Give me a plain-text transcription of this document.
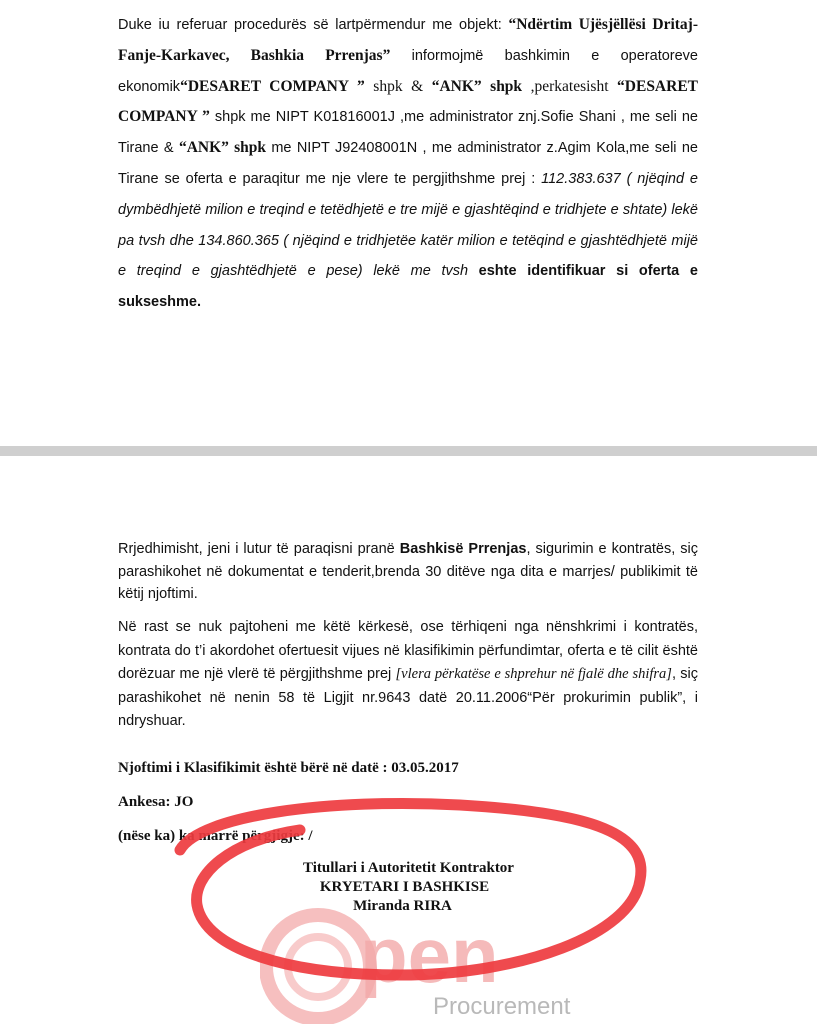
Duke iu referuar procedurës së lartpërmendur me objekt: “Ndërtim Ujësjëllësi Dritaj-Fanje-Karkavec, Bashkia Prrenjas” informojmë bashkimin e operatoreve ekonomik“DESARET COMPANY ” shpk & “ANK” shpk ,perkatesisht “DESARET COMPANY ” shpk me NIPT K01816001J ,me administrator znj.Sofie Shani , me seli ne Tirane & “ANK” shpk me NIPT J92408001N , me administrator z.Agim Kola,me seli ne Tirane se oferta e paraqitur me nje vlere te pergjithshme prej : 112.383.637 ( njëqind e dymbëdhjetë milion e treqind e tetëdhjetë e tre mijë e gjashtëqind e tridhjete e shtate) lekë pa tvsh dhe 134.860.365 ( njëqind e tridhjetëe katër milion e tetëqind e gjashtëdhjetë mijë e treqind e gjashtëdhjetë e pese) lekë me tvsh eshte identifikuar si oferta e sukseshme.

Rrjedhimisht, jeni i lutur të paraqisni pranë Bashkisë Prrenjas, sigurimin e kontratës, siç parashikohet në dokumentat e tenderit,brenda 30 ditëve nga dita e marrjes/ publikimit të këtij njoftimi.

Në rast se nuk pajtoheni me këtë kërkesë, ose tërhiqeni nga nënshkrimi i kontratës, kontrata do t’i akordohet ofertuesit vijues në klasifikimin përfundimtar, oferta e të cilit është dorëzuar me një vlerë të përgjithshme prej [vlera përkatëse e shprehur në fjalë dhe shifra], siç parashikohet në nenin 58 të Ligjit nr.9643 datë 20.11.2006“Për prokurimin publik”, i ndryshuar.

Njoftimi i Klasifikimit është bërë në datë : 03.05.2017

Ankesa: JO

(nëse ka) ka marrë përgjigje: /

Titullari i Autoritetit Kontraktor

KRYETARI I BASHKISE

Miranda RIRA

pen
Procurement
